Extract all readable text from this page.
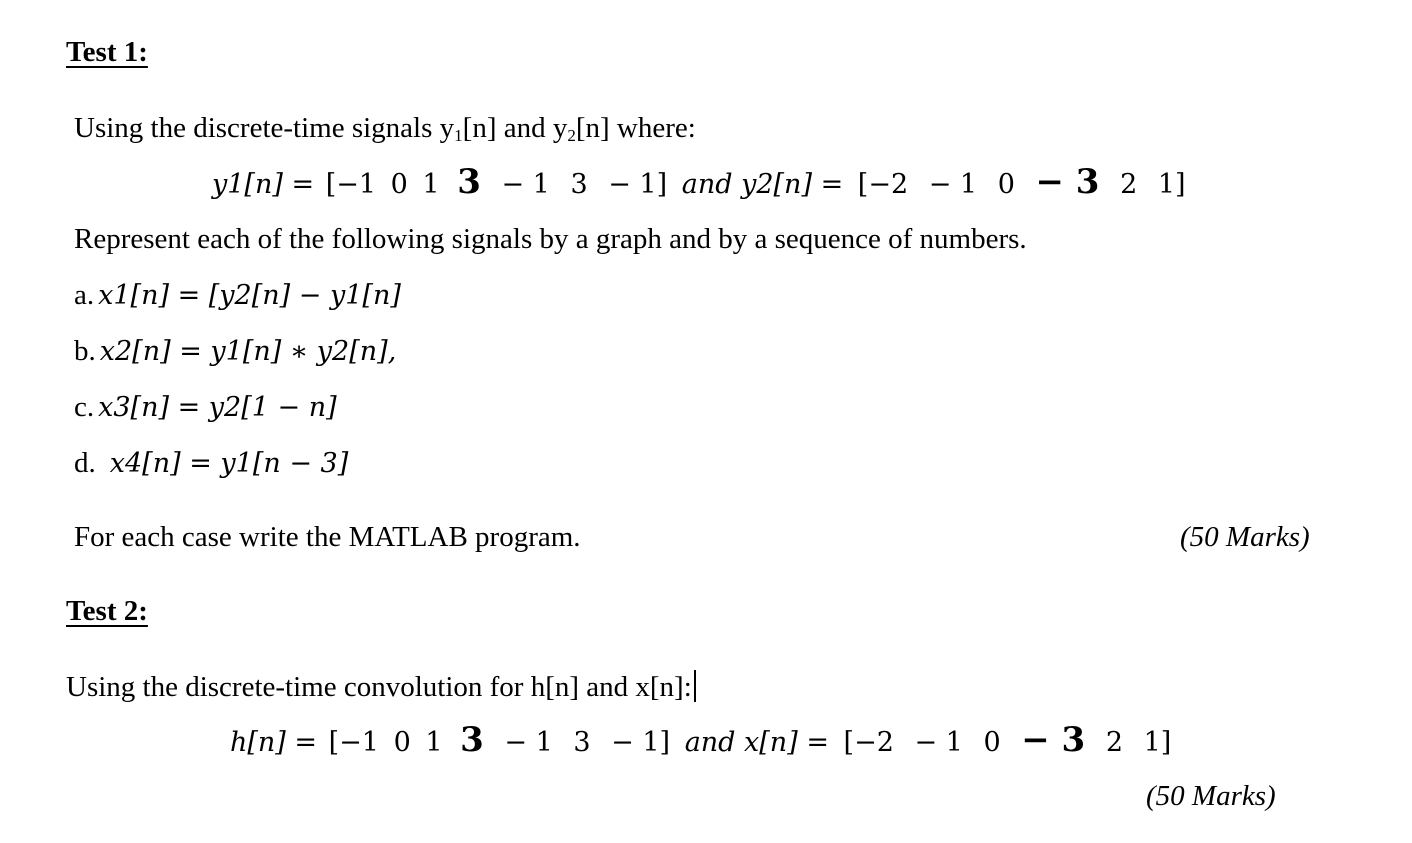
Test 1:
Using the discrete-time signals $y_1[n]$ and $y_2[n]$ where:
y1[n] = [−1 0 1 3 − 1 3 − 1] and y2[n] = [−2 − 1 0 − 3 2 1]
Represent each of the following signals by a graph and by a sequence of numbers.
a. x1[n] = [y2[n] − y1[n]
b. x2[n] = y1[n] ∗ y2[n],
c. x3[n] = y2[1 − n]
d. x4[n] = y1[n − 3]
For each case write the MATLAB program.	(50 Marks)
Test 2:
Using the discrete-time convolution for h[n] and x[n]:
h[n] = [−1 0 1 3 − 1 3 − 1] and x[n] = [−2 − 1 0 − 3 2 1]
(50 Marks)
